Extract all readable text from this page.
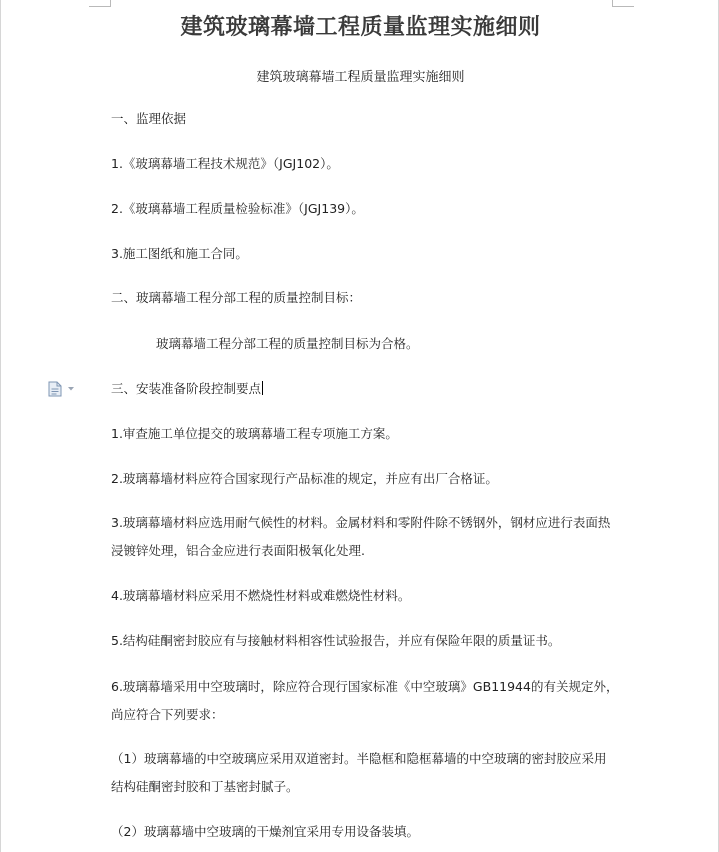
建筑玻璃幕墙工程质量监理实施细则
建筑玻璃幕墙工程质量监理实施细则
一、监理依据
1.《玻璃幕墙工程技术规范》（JGJ102）。
2.《玻璃幕墙工程质量检验标准》（JGJ139）。
3.施工图纸和施工合同。
二、玻璃幕墙工程分部工程的质量控制目标：
玻璃幕墙工程分部工程的质量控制目标为合格。
三、安装准备阶段控制要点
1.审查施工单位提交的玻璃幕墙工程专项施工方案。
2.玻璃幕墙材料应符合国家现行产品标准的规定，并应有出厂合格证。
3.玻璃幕墙材料应选用耐气候性的材料。金属材料和零附件除不锈钢外，钢材应进行表面热
浸镀锌处理，铝合金应进行表面阳极氧化处理.
4.玻璃幕墙材料应采用不燃烧性材料或难燃烧性材料。
5.结构硅酮密封胶应有与接触材料相容性试验报告，并应有保险年限的质量证书。
6.玻璃幕墙采用中空玻璃时，除应符合现行国家标准《中空玻璃》GB11944的有关规定外，
尚应符合下列要求：
（1）玻璃幕墙的中空玻璃应采用双道密封。半隐框和隐框幕墙的中空玻璃的密封胶应采用
结构硅酮密封胶和丁基密封腻子。
（2）玻璃幕墙中空玻璃的干燥剂宜采用专用设备装填。
